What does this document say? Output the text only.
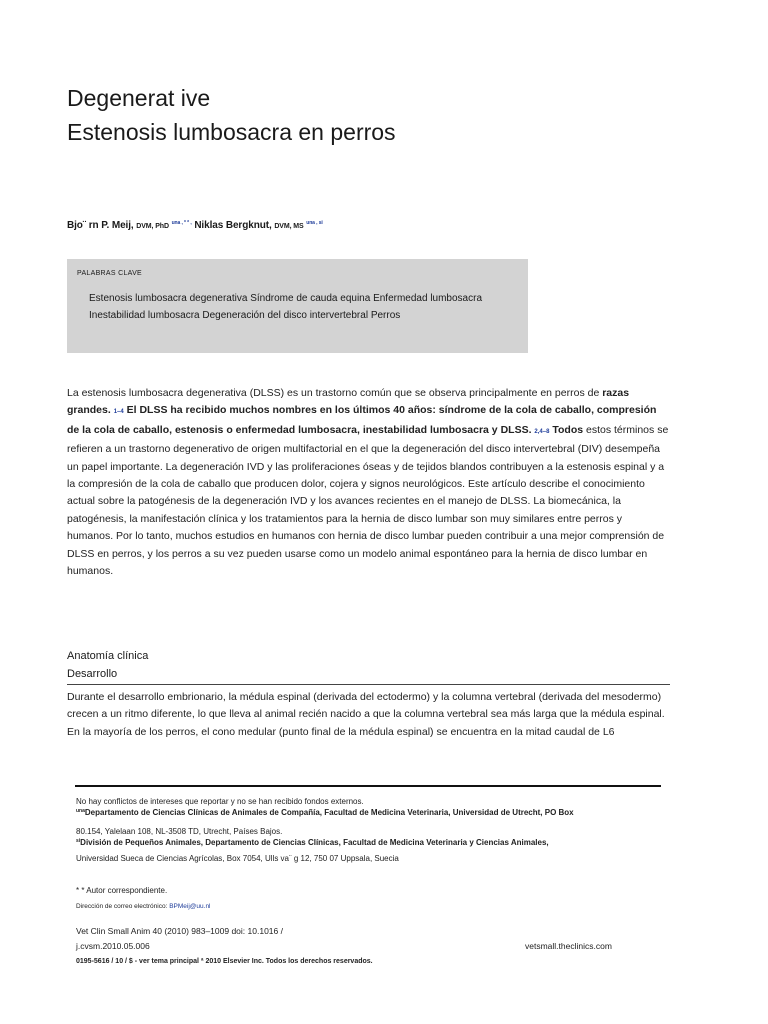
Degenerat ive
Estenosis lumbosacra en perros
Bjo¨ rn P. Meij, DVM, PhD $^{una , * * ,}$ Niklas Bergknut, DVM, MS $^{una , si}$
PALABRAS CLAVE
Estenosis lumbosacra degenerativa Síndrome de cauda equina Enfermedad lumbosacra Inestabilidad lumbosacra Degeneración del disco intervertebral Perros
La estenosis lumbosacra degenerativa (DLSS) es un trastorno común que se observa principalmente en perros de razas grandes. 1–4 El DLSS ha recibido muchos nombres en los últimos 40 años: síndrome de la cola de caballo, compresión de la cola de caballo, estenosis o enfermedad lumbosacra, inestabilidad lumbosacra y DLSS. 2,4–8 Todos estos términos se refieren a un trastorno degenerativo de origen multifactorial en el que la degeneración del disco intervertebral (DIV) desempeña un papel importante. La degeneración IVD y las proliferaciones óseas y de tejidos blandos contribuyen a la estenosis espinal y a la compresión de la cola de caballo que producen dolor, cojera y signos neurológicos. Este artículo describe el conocimiento actual sobre la patogénesis de la degeneración IVD y los avances recientes en el manejo de DLSS. La biomecánica, la patogénesis, la manifestación clínica y los tratamientos para la hernia de disco lumbar son muy similares entre perros y humanos. Por lo tanto, muchos estudios en humanos con hernia de disco lumbar pueden contribuir a una mejor comprensión de DLSS en perros, y los perros a su vez pueden usarse como un modelo animal espontáneo para la hernia de disco lumbar en humanos.
Anatomía clínica
Desarrollo
Durante el desarrollo embrionario, la médula espinal (derivada del ectodermo) y la columna vertebral (derivada del mesodermo) crecen a un ritmo diferente, lo que lleva al animal recién nacido a que la columna vertebral sea más larga que la médula espinal. En la mayoría de los perros, el cono medular (punto final de la médula espinal) se encuentra en la mitad caudal de L6
No hay conflictos de intereses que reportar y no se han recibido fondos externos.
$^{una}$Departamento de Ciencias Clínicas de Animales de Compañía, Facultad de Medicina Veterinaria, Universidad de Utrecht, PO Box
80.154, Yalelaan 108, NL-3508 TD, Utrecht, Países Bajos.
$^{si}$División de Pequeños Animales, Departamento de Ciencias Clínicas, Facultad de Medicina Veterinaria y Ciencias Animales,
Universidad Sueca de Ciencias Agrícolas, Box 7054, Ulls va¨ g 12, 750 07 Uppsala, Suecia
* * Autor correspondiente.
Dirección de correo electrónico: BPMeij@uu.nl
Vet Clin Small Anim 40 (2010) 983–1009 doi: 10.1016 /
j.cvsm.2010.05.006	vetsmall.theclinics.com
0195-5616 / 10 / $ - ver tema principal ª 2010 Elsevier Inc. Todos los derechos reservados.
